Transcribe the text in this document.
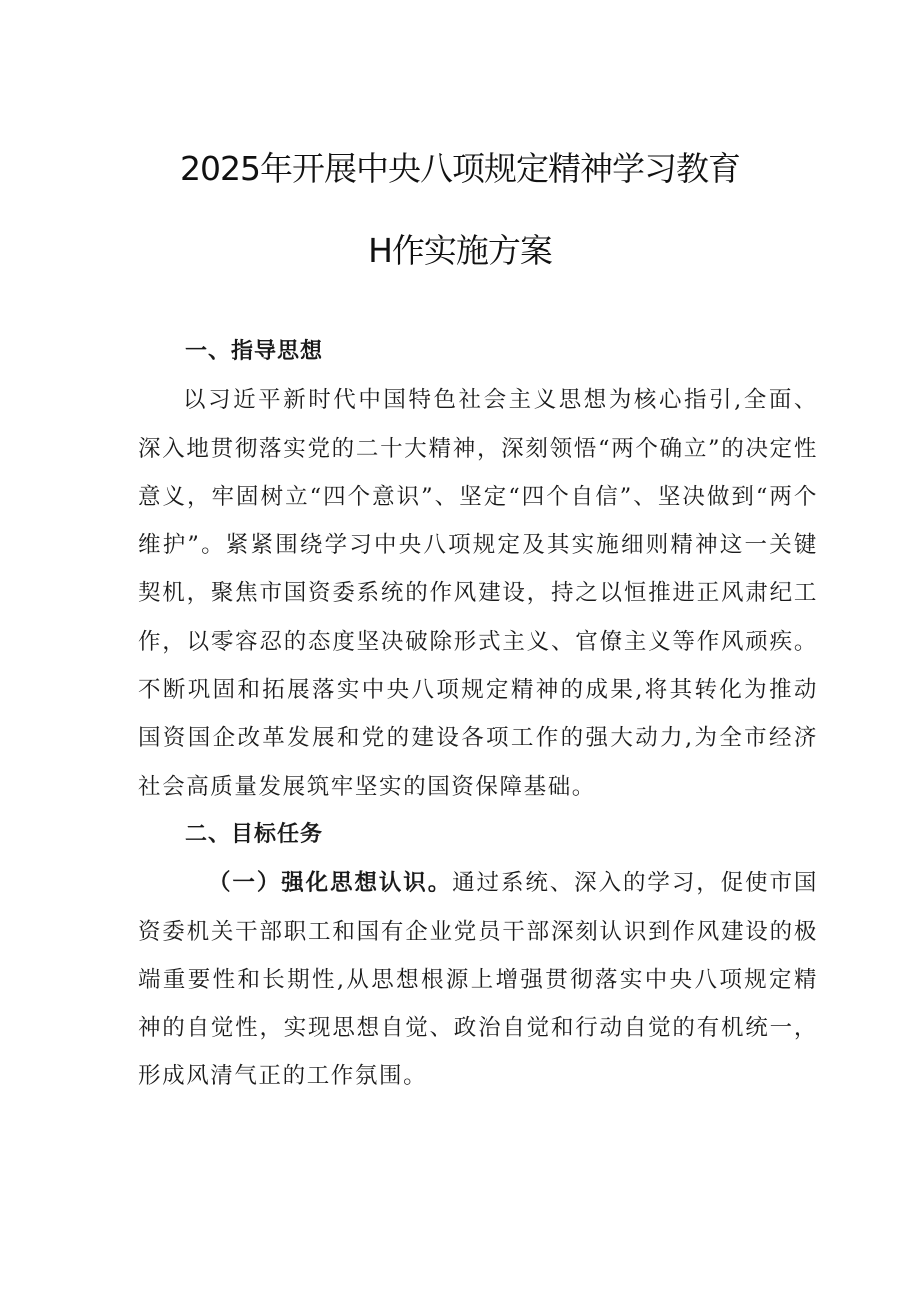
2025年开展中央八项规定精神学习教育
H作实施方案

一、指导思想

以习近平新时代中国特色社会主义思想为核心指引,全面、深入地贯彻落实党的二十大精神，深刻领悟“两个确立”的决定性意义，牢固树立“四个意识”、坚定“四个自信”、坚决做到“两个维护”。紧紧围绕学习中央八项规定及其实施细则精神这一关键契机，聚焦市国资委系统的作风建设，持之以恒推进正风肃纪工作，以零容忍的态度坚决破除形式主义、官僚主义等作风顽疾。不断巩固和拓展落实中央八项规定精神的成果,将其转化为推动国资国企改革发展和党的建设各项工作的强大动力,为全市经济社会高质量发展筑牢坚实的国资保障基础。

二、目标任务

（一）强化思想认识。通过系统、深入的学习，促使市国资委机关干部职工和国有企业党员干部深刻认识到作风建设的极端重要性和长期性,从思想根源上增强贯彻落实中央八项规定精神的自觉性，实现思想自觉、政治自觉和行动自觉的有机统一，形成风清气正的工作氛围。
